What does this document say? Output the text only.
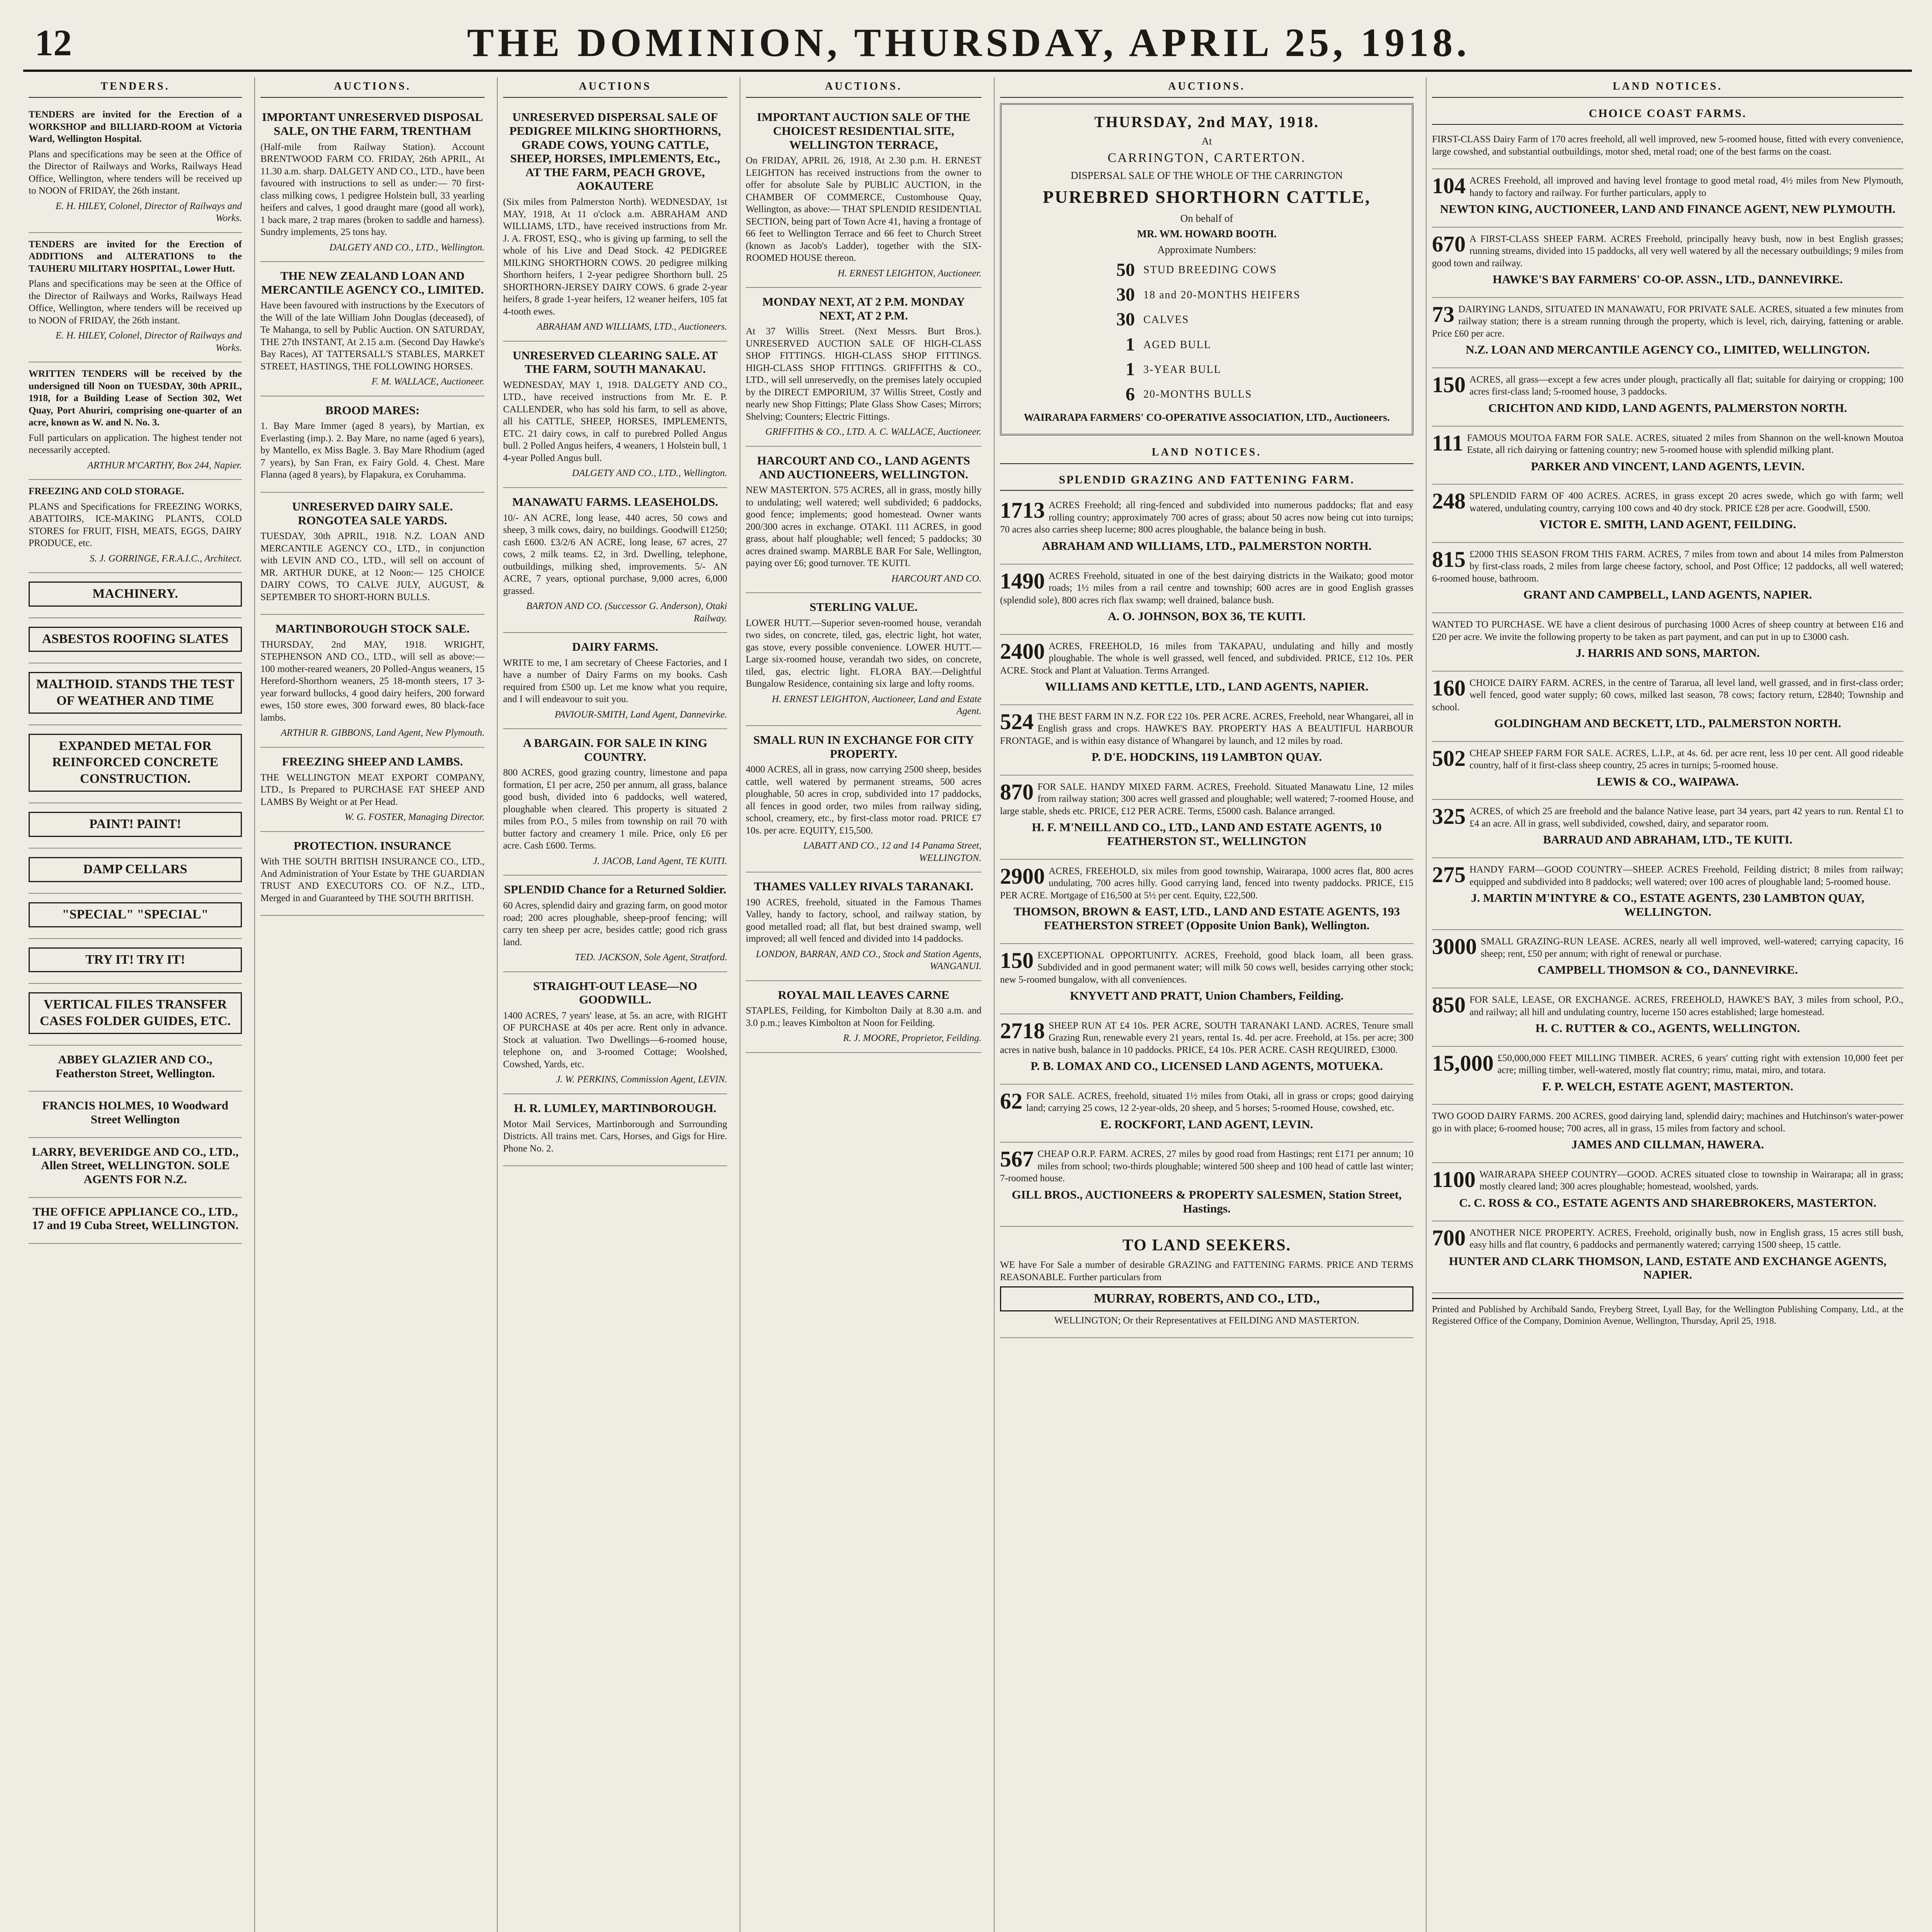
12	THE DOMINION, THURSDAY, APRIL 25, 1918.
TENDERS.

TENDERS are invited for the Erection of a WORKSHOP and BILLIARD-ROOM at Victoria Ward, Wellington Hospital.

Plans and specifications may be seen at the Office of the Director of Railways and Works, Railways Head Office, Wellington, where tenders will be received up to NOON of FRIDAY, the 26th instant.

E. H. HILEY, Colonel, Director of Railways and Works.

TENDERS are invited for the Erection of ADDITIONS and ALTERATIONS to the TAUHERU MILITARY HOSPITAL, Lower Hutt.

Plans and specifications may be seen at the Office of the Director of Railways and Works, Railways Head Office, Wellington, where tenders will be received up to NOON of FRIDAY, the 26th instant.

E. H. HILEY, Colonel, Director of Railways and Works.

WRITTEN TENDERS will be received by the undersigned till Noon on TUESDAY, 30th APRIL, 1918, for a Building Lease of Section 302, Wet Quay, Port Ahuriri, comprising one-quarter of an acre, known as W. and N. No. 3.

Full particulars on application. The highest tender not necessarily accepted.

ARTHUR M'CARTHY, Box 244, Napier.

FREEZING AND COLD STORAGE.

PLANS and Specifications for FREEZING WORKS, ABATTOIRS, ICE-MAKING PLANTS, COLD STORES for FRUIT, FISH, MEATS, EGGS, DAIRY PRODUCE, etc.

S. J. GORRINGE, F.R.A.I.C., Architect.

MACHINERY.
ASBESTOS ROOFING SLATES
MALTHOID. STANDS THE TEST OF WEATHER AND TIME
EXPANDED METAL FOR REINFORCED CONCRETE CONSTRUCTION.
PAINT! PAINT!
DAMP CELLARS
"SPECIAL" "SPECIAL"
TRY IT! TRY IT!
VERTICAL FILES TRANSFER CASES FOLDER GUIDES, ETC.
ABBEY GLAZIER AND CO., Featherston Street, Wellington.
FRANCIS HOLMES, 10 Woodward Street Wellington
LARRY, BEVERIDGE AND CO., LTD., Allen Street, WELLINGTON. SOLE AGENTS FOR N.Z.
THE OFFICE APPLIANCE CO., LTD., 17 and 19 Cuba Street, WELLINGTON.
AUCTIONS.
IMPORTANT UNRESERVED DISPOSAL SALE, ON THE FARM, TRENTHAM

(Half-mile from Railway Station). Account BRENTWOOD FARM CO. FRIDAY, 26th APRIL, At 11.30 a.m. sharp. DALGETY AND CO., LTD., have been favoured with instructions to sell as under:— 70 first-class milking cows, 1 pedigree Holstein bull, 33 yearling heifers and calves, 1 good draught mare (good all work), 1 back mare, 2 trap mares (broken to saddle and harness). Sundry implements, 25 tons hay.

DALGETY AND CO., LTD., Wellington.

THE NEW ZEALAND LOAN AND MERCANTILE AGENCY CO., LIMITED.

Have been favoured with instructions by the Executors of the Will of the late William John Douglas (deceased), of Te Mahanga, to sell by Public Auction. ON SATURDAY, THE 27th INSTANT, At 2.15 a.m. (Second Day Hawke's Bay Races), AT TATTERSALL'S STABLES, MARKET STREET, HASTINGS, THE FOLLOWING HORSES.

F. M. WALLACE, Auctioneer.

BROOD MARES:

1. Bay Mare Immer (aged 8 years), by Martian, ex Everlasting (imp.). 2. Bay Mare, no name (aged 6 years), by Mantello, ex Miss Bagle. 3. Bay Mare Rhodium (aged 7 years), by San Fran, ex Fairy Gold. 4. Chest. Mare Flanna (aged 8 years), by Flapakura, ex Coruhamma.

UNRESERVED DAIRY SALE. RONGOTEA SALE YARDS.

TUESDAY, 30th APRIL, 1918. N.Z. LOAN AND MERCANTILE AGENCY CO., LTD., in conjunction with LEVIN AND CO., LTD., will sell on account of MR. ARTHUR DUKE, at 12 Noon:— 125 CHOICE DAIRY COWS, TO CALVE JULY, AUGUST, & SEPTEMBER TO SHORT-HORN BULLS.

MARTINBOROUGH STOCK SALE.

THURSDAY, 2nd MAY, 1918. WRIGHT, STEPHENSON AND CO., LTD., will sell as above:— 100 mother-reared weaners, 20 Polled-Angus weaners, 15 Hereford-Shorthorn weaners, 25 18-month steers, 17 3-year forward bullocks, 4 good dairy heifers, 200 forward ewes, 150 store ewes, 300 forward ewes, 80 black-face lambs.

ARTHUR R. GIBBONS, Land Agent, New Plymouth.

FREEZING SHEEP AND LAMBS.

THE WELLINGTON MEAT EXPORT COMPANY, LTD., Is Prepared to PURCHASE FAT SHEEP AND LAMBS By Weight or at Per Head.

W. G. FOSTER, Managing Director.

PROTECTION. INSURANCE

With THE SOUTH BRITISH INSURANCE CO., LTD., And Administration of Your Estate by THE GUARDIAN TRUST AND EXECUTORS CO. OF N.Z., LTD., Merged in and Guaranteed by THE SOUTH BRITISH.

AUCTIONS
UNRESERVED DISPERSAL SALE OF PEDIGREE MILKING SHORTHORNS, GRADE COWS, YOUNG CATTLE, SHEEP, HORSES, IMPLEMENTS, Etc., AT THE FARM, PEACH GROVE, AOKAUTERE

(Six miles from Palmerston North). WEDNESDAY, 1st MAY, 1918, At 11 o'clock a.m. ABRAHAM AND WILLIAMS, LTD., have received instructions from Mr. J. A. FROST, ESQ., who is giving up farming, to sell the whole of his Live and Dead Stock. 42 PEDIGREE MILKING SHORTHORN COWS. 20 pedigree milking Shorthorn heifers, 1 2-year pedigree Shorthorn bull. 25 SHORTHORN-JERSEY DAIRY COWS. 6 grade 2-year heifers, 8 grade 1-year heifers, 12 weaner heifers, 105 fat 4-tooth ewes.

ABRAHAM AND WILLIAMS, LTD., Auctioneers.

UNRESERVED CLEARING SALE. AT THE FARM, SOUTH MANAKAU.

WEDNESDAY, MAY 1, 1918. DALGETY AND CO., LTD., have received instructions from Mr. E. P. CALLENDER, who has sold his farm, to sell as above, all his CATTLE, SHEEP, HORSES, IMPLEMENTS, ETC. 21 dairy cows, in calf to purebred Polled Angus bull. 2 Polled Angus heifers, 4 weaners, 1 Holstein bull, 1 4-year Polled Angus bull.

DALGETY AND CO., LTD., Wellington.

MANAWATU FARMS. LEASEHOLDS.

10/- AN ACRE, long lease, 440 acres, 50 cows and sheep, 3 milk cows, dairy, no buildings. Goodwill £1250; cash £600. £3/2/6 AN ACRE, long lease, 67 acres, 27 cows, 2 milk teams. £2, in 3rd. Dwelling, telephone, outbuildings, milking shed, improvements. 5/- AN ACRE, 7 years, optional purchase, 9,000 acres, 6,000 grassed.

BARTON AND CO. (Successor G. Anderson), Otaki Railway.

DAIRY FARMS.

WRITE to me, I am secretary of Cheese Factories, and I have a number of Dairy Farms on my books. Cash required from £500 up. Let me know what you require, and I will endeavour to suit you.

PAVIOUR-SMITH, Land Agent, Dannevirke.

A BARGAIN. FOR SALE IN KING COUNTRY.

800 ACRES, good grazing country, limestone and papa formation, £1 per acre, 250 per annum, all grass, balance good bush, divided into 6 paddocks, well watered, ploughable when cleared. This property is situated 2 miles from P.O., 5 miles from township on rail 70 with butter factory and creamery 1 mile. Price, only £6 per acre. Cash £600. Terms.

J. JACOB, Land Agent, TE KUITI.

SPLENDID Chance for a Returned Soldier.

60 Acres, splendid dairy and grazing farm, on good motor road; 200 acres ploughable, sheep-proof fencing; will carry ten sheep per acre, besides cattle; good rich grass land.

TED. JACKSON, Sole Agent, Stratford.

STRAIGHT-OUT LEASE—NO GOODWILL.

1400 ACRES, 7 years' lease, at 5s. an acre, with RIGHT OF PURCHASE at 40s per acre. Rent only in advance. Stock at valuation. Two Dwellings—6-roomed house, telephone on, and 3-roomed Cottage; Woolshed, Cowshed, Yards, etc.

J. W. PERKINS, Commission Agent, LEVIN.

H. R. LUMLEY, MARTINBOROUGH.

Motor Mail Services, Martinborough and Surrounding Districts. All trains met. Cars, Horses, and Gigs for Hire. Phone No. 2.

AUCTIONS.
IMPORTANT AUCTION SALE OF THE CHOICEST RESIDENTIAL SITE, WELLINGTON TERRACE,

On FRIDAY, APRIL 26, 1918, At 2.30 p.m. H. ERNEST LEIGHTON has received instructions from the owner to offer for absolute Sale by PUBLIC AUCTION, in the CHAMBER OF COMMERCE, Customhouse Quay, Wellington, as above:— THAT SPLENDID RESIDENTIAL SECTION, being part of Town Acre 41, having a frontage of 66 feet to Wellington Terrace and 66 feet to Church Street (known as Jacob's Ladder), together with the SIX-ROOMED HOUSE thereon.

H. ERNEST LEIGHTON, Auctioneer.

MONDAY NEXT, AT 2 P.M. MONDAY NEXT, AT 2 P.M.

At 37 Willis Street. (Next Messrs. Burt Bros.). UNRESERVED AUCTION SALE OF HIGH-CLASS SHOP FITTINGS. HIGH-CLASS SHOP FITTINGS. HIGH-CLASS SHOP FITTINGS. GRIFFITHS & CO., LTD., will sell unreservedly, on the premises lately occupied by the DIRECT EMPORIUM, 37 Willis Street, Costly and nearly new Shop Fittings; Plate Glass Show Cases; Mirrors; Shelving; Counters; Electric Fittings.

GRIFFITHS & CO., LTD. A. C. WALLACE, Auctioneer.

HARCOURT AND CO., LAND AGENTS AND AUCTIONEERS, WELLINGTON.

NEW MASTERTON. 575 ACRES, all in grass, mostly hilly to undulating; well watered; well subdivided; 6 paddocks, good fence; implements; good homestead. Owner wants 200/300 acres in exchange. OTAKI. 111 ACRES, in good grass, about half ploughable; well fenced; 5 paddocks; 30 acres drained swamp. MARBLE BAR For Sale, Wellington, paying over £6; good turnover. TE KUITI.

HARCOURT AND CO.

STERLING VALUE.

LOWER HUTT.—Superior seven-roomed house, verandah two sides, on concrete, tiled, gas, electric light, hot water, gas stove, every possible convenience. LOWER HUTT.—Large six-roomed house, verandah two sides, on concrete, tiled, gas, electric light. FLORA BAY.—Delightful Bungalow Residence, containing six large and lofty rooms.

H. ERNEST LEIGHTON, Auctioneer, Land and Estate Agent.

SMALL RUN IN EXCHANGE FOR CITY PROPERTY.

4000 ACRES, all in grass, now carrying 2500 sheep, besides cattle, well watered by permanent streams, 500 acres ploughable, 50 acres in crop, subdivided into 17 paddocks, all fences in good order, two miles from railway siding, school, creamery, etc., by first-class motor road. PRICE £7 10s. per acre. EQUITY, £15,500.

LABATT AND CO., 12 and 14 Panama Street, WELLINGTON.

THAMES VALLEY RIVALS TARANAKI.

190 ACRES, freehold, situated in the Famous Thames Valley, handy to factory, school, and railway station, by good metalled road; all flat, but best drained swamp, well improved; all well fenced and divided into 14 paddocks.

LONDON, BARRAN, AND CO., Stock and Station Agents, WANGANUI.

ROYAL MAIL LEAVES CARNE

STAPLES, Feilding, for Kimbolton Daily at 8.30 a.m. and 3.0 p.m.; leaves Kimbolton at Noon for Feilding.

R. J. MOORE, Proprietor, Feilding.

AUCTIONS.
THURSDAY, 2nd MAY, 1918.
At
CARRINGTON, CARTERTON.
DISPERSAL SALE OF THE WHOLE OF THE CARRINGTON
PUREBRED SHORTHORN CATTLE,
On behalf of
MR. WM. HOWARD BOOTH.
Approximate Numbers:
50 STUD BREEDING COWS
30 18 and 20-MONTHS HEIFERS
30 CALVES
1 AGED BULL
1 3-YEAR BULL
6 20-MONTHS BULLS
WAIRARAPA FARMERS' CO-OPERATIVE ASSOCIATION, LTD., Auctioneers.
LAND NOTICES.
SPLENDID GRAZING AND FATTENING FARM.
1713 ACRES Freehold; all ring-fenced and subdivided into numerous paddocks; flat and easy rolling country; approximately 700 acres of grass; about 50 acres now being cut into turnips; 70 acres also carries sheep lucerne; 800 acres ploughable, the balance being in bush.

ABRAHAM AND WILLIAMS, LTD., PALMERSTON NORTH.
1490 ACRES Freehold, situated in one of the best dairying districts in the Waikato; good motor roads; 1½ miles from a rail centre and township; 600 acres are in good English grasses (splendid sole), 800 acres rich flax swamp; well drained, balance bush.

A. O. JOHNSON, BOX 36, TE KUITI.
2400 ACRES, FREEHOLD, 16 miles from TAKAPAU, undulating and hilly and mostly ploughable. The whole is well grassed, well fenced, and subdivided. PRICE, £12 10s. PER ACRE. Stock and Plant at Valuation. Terms Arranged.

WILLIAMS AND KETTLE, LTD., LAND AGENTS, NAPIER.
524 THE BEST FARM IN N.Z. FOR £22 10s. PER ACRE. ACRES, Freehold, near Whangarei, all in English grass and crops. HAWKE'S BAY. PROPERTY HAS A BEAUTIFUL HARBOUR FRONTAGE, and is within easy distance of Whangarei by launch, and 12 miles by road.

P. D'E. HODCKINS, 119 LAMBTON QUAY.
870 FOR SALE. HANDY MIXED FARM. ACRES, Freehold. Situated Manawatu Line, 12 miles from railway station; 300 acres well grassed and ploughable; well watered; 7-roomed House, and large stable, sheds etc. PRICE, £12 PER ACRE. Terms, £5000 cash. Balance arranged.

H. F. M'NEILL AND CO., LTD., LAND AND ESTATE AGENTS, 10 FEATHERSTON ST., WELLINGTON
2900 ACRES, FREEHOLD, six miles from good township, Wairarapa, 1000 acres flat, 800 acres undulating, 700 acres hilly. Good carrying land, fenced into twenty paddocks. PRICE, £15 PER ACRE. Mortgage of £16,500 at 5½ per cent. Equity, £22,500.

THOMSON, BROWN & EAST, LTD., LAND AND ESTATE AGENTS, 193 FEATHERSTON STREET (Opposite Union Bank), Wellington.
150 EXCEPTIONAL OPPORTUNITY. ACRES, Freehold, good black loam, all been grass. Subdivided and in good permanent water; will milk 50 cows well, besides carrying other stock; new 5-roomed bungalow, with all conveniences.

KNYVETT AND PRATT, Union Chambers, Feilding.
2718 SHEEP RUN AT £4 10s. PER ACRE, SOUTH TARANAKI LAND. ACRES, Tenure small Grazing Run, renewable every 21 years, rental 1s. 4d. per acre. Freehold, at 15s. per acre; 300 acres in native bush, balance in 10 paddocks. PRICE, £4 10s. PER ACRE. CASH REQUIRED, £3000.

P. B. LOMAX AND CO., LICENSED LAND AGENTS, MOTUEKA.
62 FOR SALE. ACRES, freehold, situated 1½ miles from Otaki, all in grass or crops; good dairying land; carrying 25 cows, 12 2-year-olds, 20 sheep, and 5 horses; 5-roomed House, cowshed, etc.

E. ROCKFORT, LAND AGENT, LEVIN.
567 CHEAP O.R.P. FARM. ACRES, 27 miles by good road from Hastings; rent £171 per annum; 10 miles from school; two-thirds ploughable; wintered 500 sheep and 100 head of cattle last winter; 7-roomed house.

GILL BROS., AUCTIONEERS & PROPERTY SALESMEN, Station Street, Hastings.
TO LAND SEEKERS.

WE have For Sale a number of desirable GRAZING and FATTENING FARMS. PRICE AND TERMS REASONABLE. Further particulars from

MURRAY, ROBERTS, AND CO., LTD.,

WELLINGTON; Or their Representatives at FEILDING AND MASTERTON.

LAND NOTICES.
CHOICE COAST FARMS.

FIRST-CLASS Dairy Farm of 170 acres freehold, all well improved, new 5-roomed house, fitted with every convenience, large cowshed, and substantial outbuildings, motor shed, metal road; one of the best farms on the coast.

104 ACRES Freehold, all improved and having level frontage to good metal road, 4½ miles from New Plymouth, handy to factory and railway. For further particulars, apply to

NEWTON KING, AUCTIONEER, LAND AND FINANCE AGENT, NEW PLYMOUTH.
670 A FIRST-CLASS SHEEP FARM. ACRES Freehold, principally heavy bush, now in best English grasses; running streams, divided into 15 paddocks, all very well watered by all the necessary outbuildings; 9 miles from good town and railway.

HAWKE'S BAY FARMERS' CO-OP. ASSN., LTD., DANNEVIRKE.
73 DAIRYING LANDS, SITUATED IN MANAWATU, FOR PRIVATE SALE. ACRES, situated a few minutes from railway station; there is a stream running through the property, which is level, rich, dairying, fattening or arable. Price £60 per acre.

N.Z. LOAN AND MERCANTILE AGENCY CO., LIMITED, WELLINGTON.
150 ACRES, all grass—except a few acres under plough, practically all flat; suitable for dairying or cropping; 100 acres first-class land; 5-roomed house, 3 paddocks.

CRICHTON AND KIDD, LAND AGENTS, PALMERSTON NORTH.
111 FAMOUS MOUTOA FARM FOR SALE. ACRES, situated 2 miles from Shannon on the well-known Moutoa Estate, all rich dairying or fattening country; new 5-roomed house with splendid milking plant.

PARKER AND VINCENT, LAND AGENTS, LEVIN.
248 SPLENDID FARM OF 400 ACRES. ACRES, in grass except 20 acres swede, which go with farm; well watered, undulating country, carrying 100 cows and 40 dry stock. PRICE £28 per acre. Goodwill, £500.

VICTOR E. SMITH, LAND AGENT, FEILDING.
815 £2000 THIS SEASON FROM THIS FARM. ACRES, 7 miles from town and about 14 miles from Palmerston by first-class roads, 2 miles from large cheese factory, school, and Post Office; 12 paddocks, all well watered; 6-roomed house, bathroom.

GRANT AND CAMPBELL, LAND AGENTS, NAPIER.

WANTED TO PURCHASE. WE have a client desirous of purchasing 1000 Acres of sheep country at between £16 and £20 per acre. We invite the following property to be taken as part payment, and can put in up to £3000 cash.

J. HARRIS AND SONS, MARTON.
160 CHOICE DAIRY FARM. ACRES, in the centre of Tararua, all level land, well grassed, and in first-class order; well fenced, good water supply; 60 cows, milked last season, 78 cows; factory return, £2840; Township and school.

GOLDINGHAM AND BECKETT, LTD., PALMERSTON NORTH.
502 CHEAP SHEEP FARM FOR SALE. ACRES, L.I.P., at 4s. 6d. per acre rent, less 10 per cent. All good rideable country, half of it first-class sheep country, 25 acres in turnips; 5-roomed house.

LEWIS & CO., WAIPAWA.
325 ACRES, of which 25 are freehold and the balance Native lease, part 34 years, part 42 years to run. Rental £1 to £4 an acre. All in grass, well subdivided, cowshed, dairy, and separator room.

BARRAUD AND ABRAHAM, LTD., TE KUITI.
275 HANDY FARM—GOOD COUNTRY—SHEEP. ACRES Freehold, Feilding district; 8 miles from railway; equipped and subdivided into 8 paddocks; well watered; over 100 acres of ploughable land; 5-roomed house.

J. MARTIN M'INTYRE & CO., ESTATE AGENTS, 230 LAMBTON QUAY, WELLINGTON.
3000 SMALL GRAZING-RUN LEASE. ACRES, nearly all well improved, well-watered; carrying capacity, 16 sheep; rent, £50 per annum; with right of renewal or purchase.

CAMPBELL THOMSON & CO., DANNEVIRKE.
850 FOR SALE, LEASE, OR EXCHANGE. ACRES, FREEHOLD, HAWKE'S BAY, 3 miles from school, P.O., and railway; all hill and undulating country, lucerne 150 acres established; large homestead.

H. C. RUTTER & CO., AGENTS, WELLINGTON.
15,000 £50,000,000 FEET MILLING TIMBER. ACRES, 6 years' cutting right with extension 10,000 feet per acre; milling timber, well-watered, mostly flat country; rimu, matai, miro, and totara.

F. P. WELCH, ESTATE AGENT, MASTERTON.

TWO GOOD DAIRY FARMS. 200 ACRES, good dairying land, splendid dairy; machines and Hutchinson's water-power go in with place; 6-roomed house; 700 acres, all in grass, 15 miles from factory and school.

JAMES AND CILLMAN, HAWERA.
1100 WAIRARAPA SHEEP COUNTRY—GOOD. ACRES situated close to township in Wairarapa; all in grass; mostly cleared land; 300 acres ploughable; homestead, woolshed, yards.

C. C. ROSS & CO., ESTATE AGENTS AND SHAREBROKERS, MASTERTON.
700 ANOTHER NICE PROPERTY. ACRES, Freehold, originally bush, now in English grass, 15 acres still bush, easy hills and flat country, 6 paddocks and permanently watered; carrying 1500 sheep, 15 cattle.

HUNTER AND CLARK THOMSON, LAND, ESTATE AND EXCHANGE AGENTS, NAPIER.
Printed and Published by Archibald Sando, Freyberg Street, Lyall Bay, for the Wellington Publishing Company, Ltd., at the Registered Office of the Company, Dominion Avenue, Wellington, Thursday, April 25, 1918.
